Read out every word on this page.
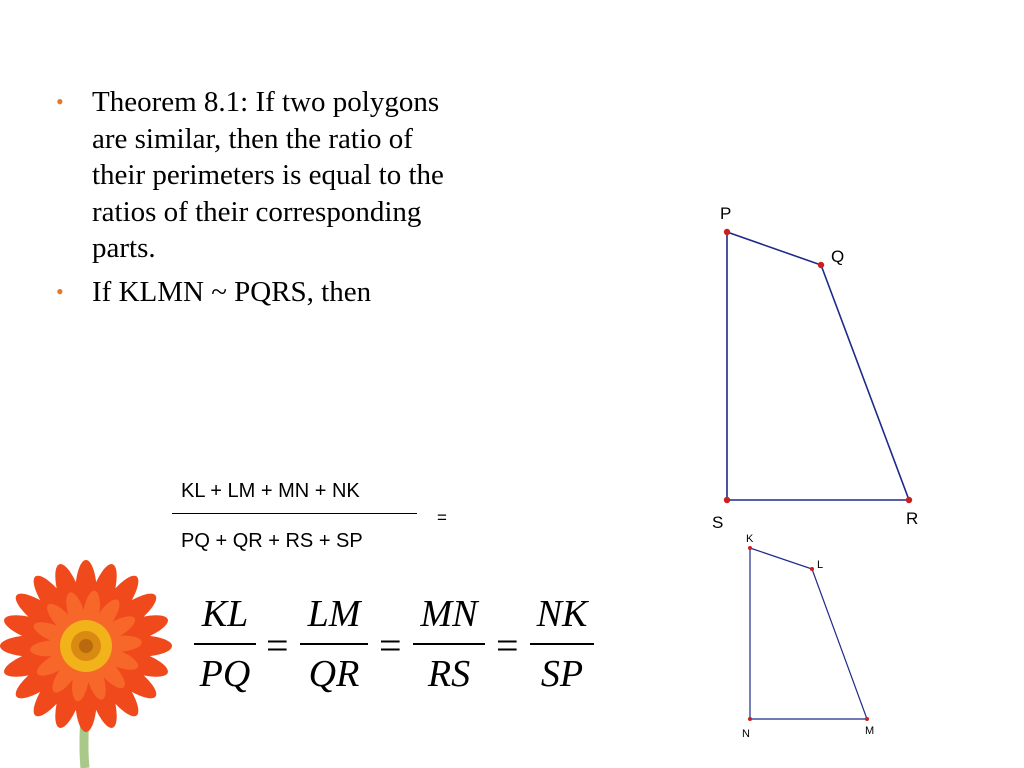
• Theorem 8.1: If two polygons are similar, then the ratio of their perimeters is equal to the ratios of their corresponding parts.
• If KLMN ~ PQRS, then
KL + LM + MN + NK
PQ + QR + RS + SP
=
KL
PQ
=
LM
QR
=
MN
RS
=
NK
SP
P
Q
R
S
K
L
M
N
